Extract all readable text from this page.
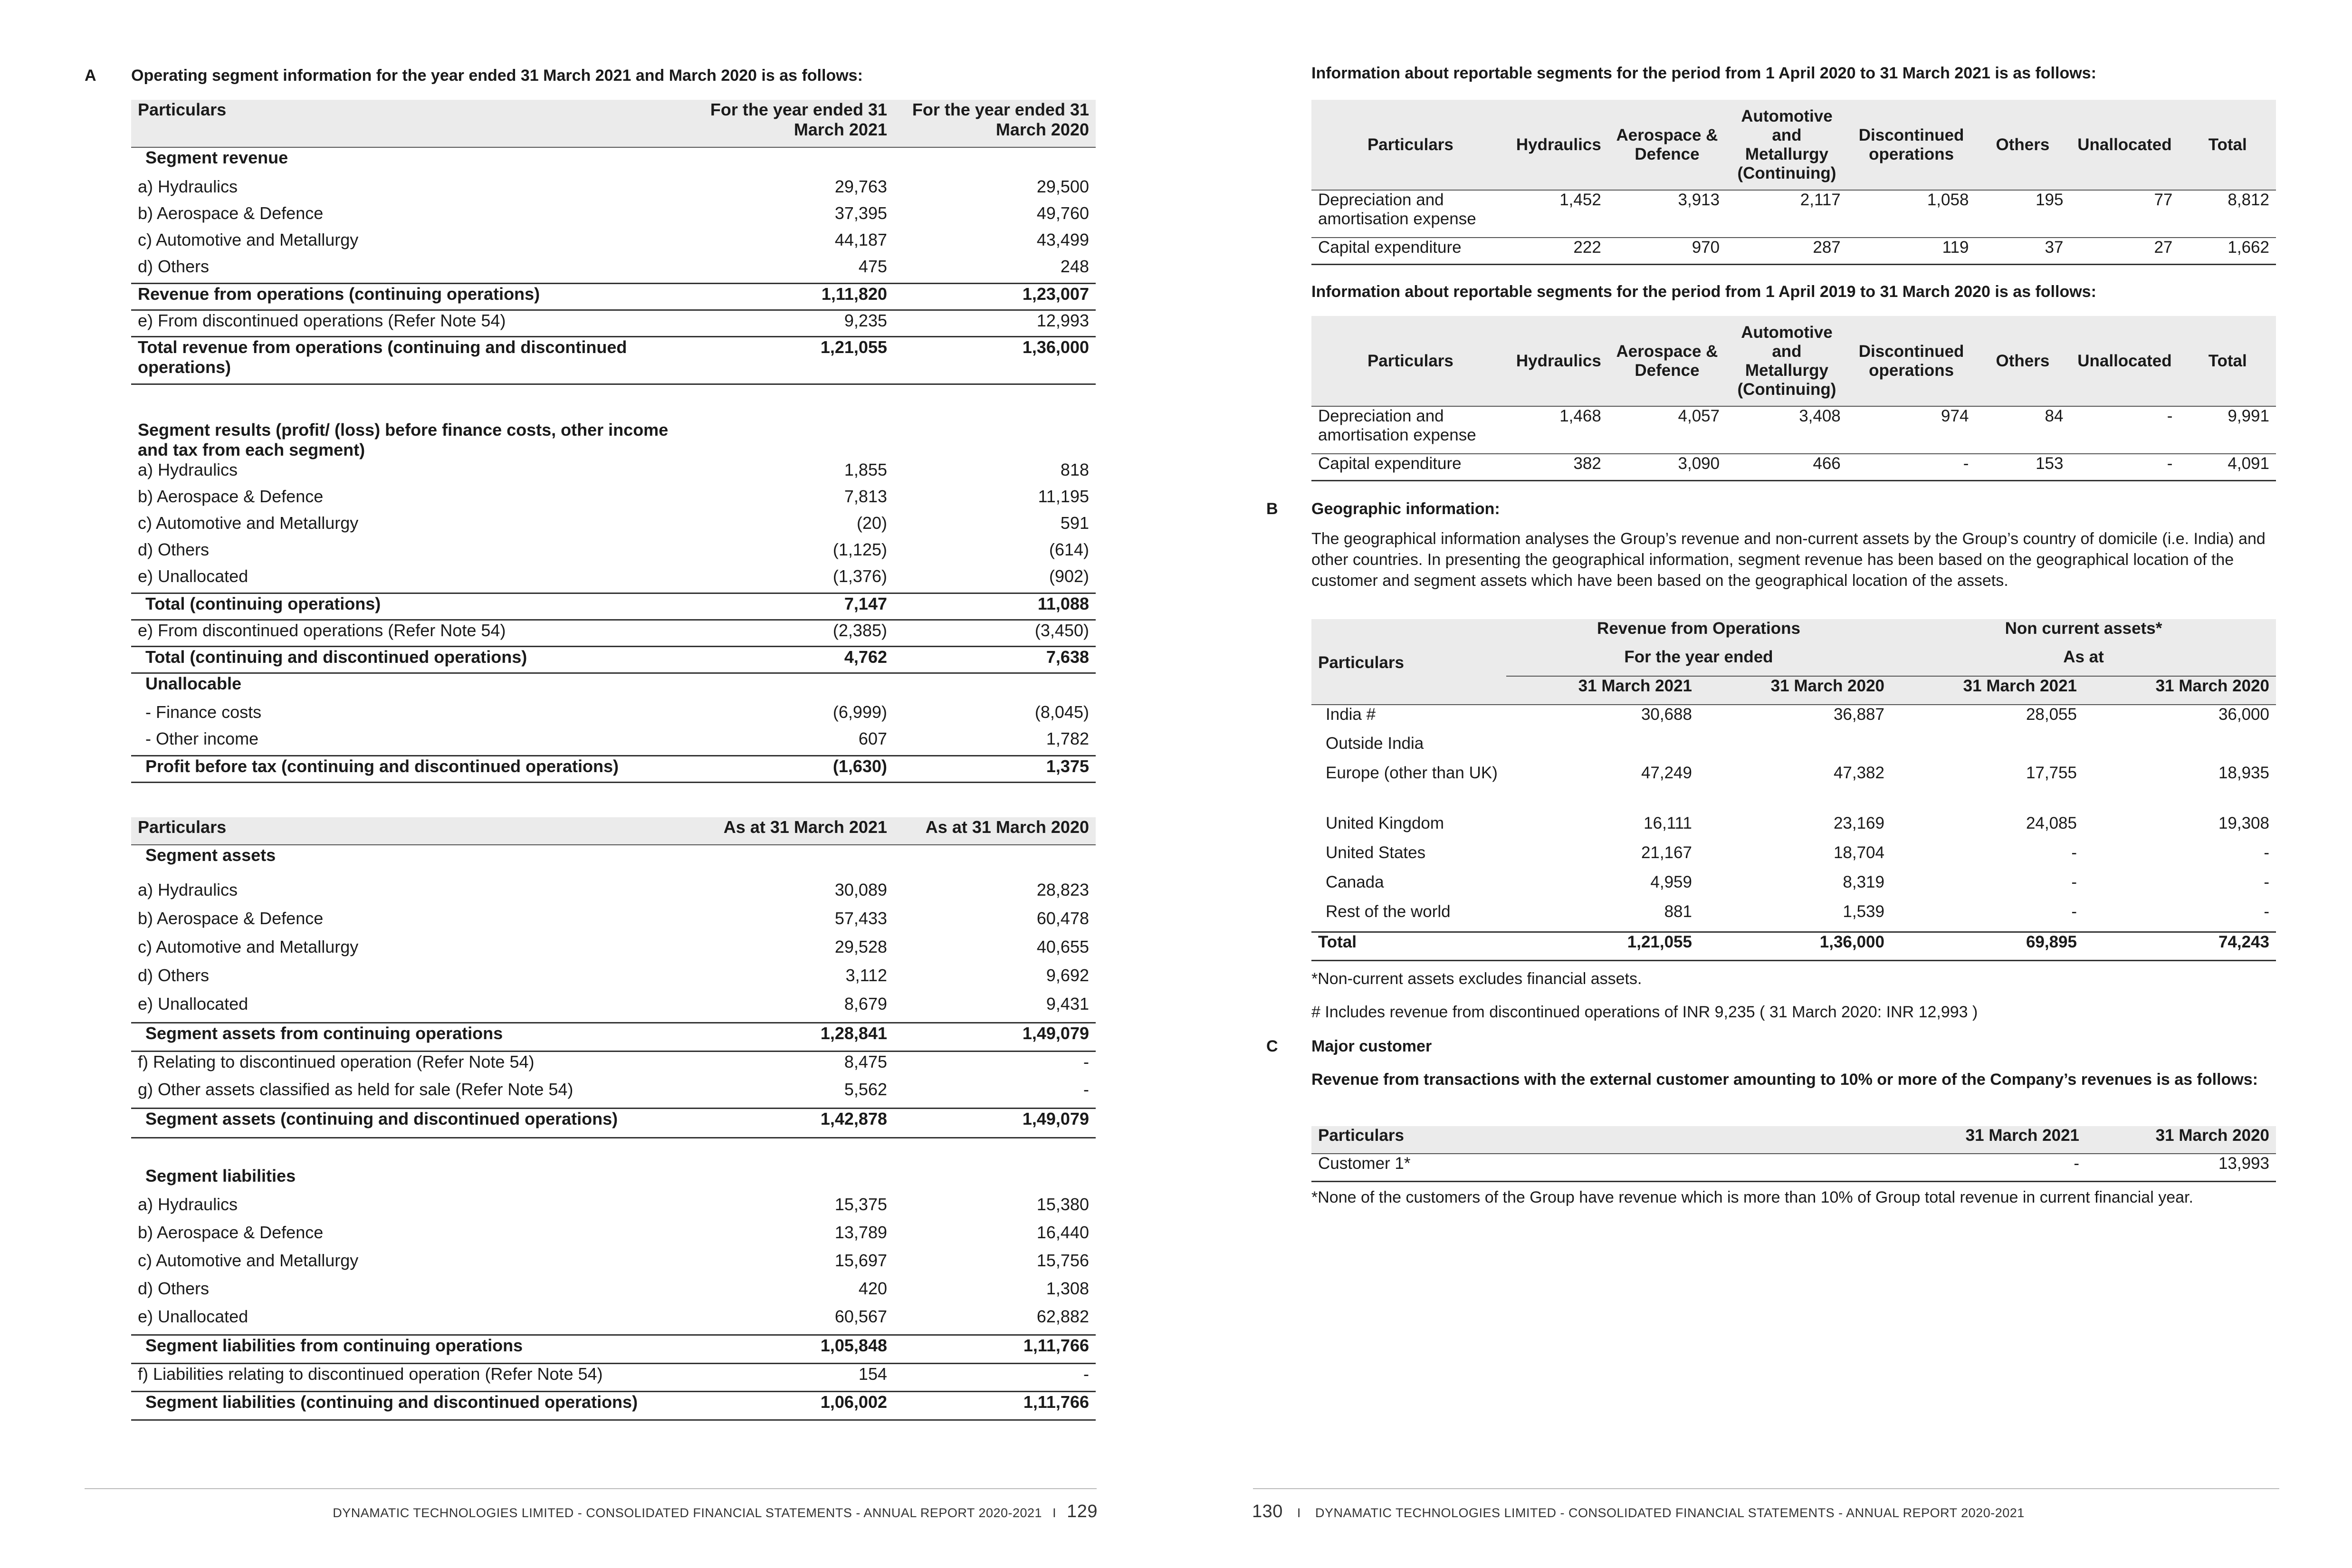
A Operating segment information for the year ended 31 March 2021 and March 2020 is as follows:
Particulars	For the year ended 31 March 2021	For the year ended 31 March 2020
Segment revenue		
a) Hydraulics	29,763	29,500
b) Aerospace & Defence	37,395	49,760
c) Automotive and Metallurgy	44,187	43,499
d) Others	475	248
Revenue from operations (continuing operations)	1,11,820	1,23,007
e) From discontinued operations (Refer Note 54)	9,235	12,993
Total revenue from operations (continuing and discontinued operations)	1,21,055	1,36,000

Segment results (profit/ (loss) before finance costs, other income and tax from each segment)		
a) Hydraulics	1,855	818
b) Aerospace & Defence	7,813	11,195
c) Automotive and Metallurgy	(20)	591
d) Others	(1,125)	(614)
e) Unallocated	(1,376)	(902)
Total (continuing operations)	7,147	11,088
e) From discontinued operations (Refer Note 54)	(2,385)	(3,450)
Total (continuing and discontinued operations)	4,762	7,638
Unallocable		
- Finance costs	(6,999)	(8,045)
- Other income	607	1,782
Profit before tax (continuing and discontinued operations)	(1,630)	1,375
Particulars	As at 31 March 2021	As at 31 March 2020
Segment assets		
a) Hydraulics	30,089	28,823
b) Aerospace & Defence	57,433	60,478
c) Automotive and Metallurgy	29,528	40,655
d) Others	3,112	9,692
e) Unallocated	8,679	9,431
Segment assets from continuing operations	1,28,841	1,49,079
f) Relating to discontinued operation (Refer Note 54)	8,475	-
g) Other assets classified as held for sale (Refer Note 54)	5,562	-
Segment assets (continuing and discontinued operations)	1,42,878	1,49,079

Segment liabilities		
a) Hydraulics	15,375	15,380
b) Aerospace & Defence	13,789	16,440
c) Automotive and Metallurgy	15,697	15,756
d) Others	420	1,308
e) Unallocated	60,567	62,882
Segment liabilities from continuing operations	1,05,848	1,11,766
f) Liabilities relating to discontinued operation (Refer Note 54)	154	-
Segment liabilities (continuing and discontinued operations)	1,06,002	1,11,766
DYNAMATIC TECHNOLOGIES LIMITED - CONSOLIDATED FINANCIAL STATEMENTS - ANNUAL REPORT 2020-2021 I 129
Information about reportable segments for the period from 1 April 2020 to 31 March 2021 is as follows:
Particulars	Hydraulics	Aerospace & Defence	Automotive and Metallurgy (Continuing)	Discontinued operations	Others	Unallocated	Total
Depreciation and amortisation expense	1,452	3,913	2,117	1,058	195	77	8,812
Capital expenditure	222	970	287	119	37	27	1,662
Information about reportable segments for the period from 1 April 2019 to 31 March 2020 is as follows:
Particulars	Hydraulics	Aerospace & Defence	Automotive and Metallurgy (Continuing)	Discontinued operations	Others	Unallocated	Total
Depreciation and amortisation expense	1,468	4,057	3,408	974	84	-	9,991
Capital expenditure	382	3,090	466	-	153	-	4,091
B Geographic information:
The geographical information analyses the Group’s revenue and non-current assets by the Group’s country of domicile (i.e. India) and other countries. In presenting the geographical information, segment revenue has been based on the geographical location of the customer and segment assets which have been based on the geographical location of the assets.
Particulars	Revenue from Operations		Non current assets*	
	For the year ended		As at	
	31 March 2021	31 March 2020	31 March 2021	31 March 2020
India #	30,688	36,887	28,055	36,000
Outside India				
Europe (other than UK)	47,249	47,382	17,755	18,935
United Kingdom	16,111	23,169	24,085	19,308
United States	21,167	18,704	-	-
Canada	4,959	8,319	-	-
Rest of the world	881	1,539	-	-
Total	1,21,055	1,36,000	69,895	74,243
*Non-current assets excludes financial assets.
# Includes revenue from discontinued operations of INR 9,235 ( 31 March 2020: INR 12,993 )
C Major customer
Revenue from transactions with the external customer amounting to 10% or more of the Company’s revenues is as follows:
Particulars	31 March 2021	31 March 2020
Customer 1*	-	13,993
*None of the customers of the Group have revenue which is more than 10% of Group total revenue in current financial year.
130 I DYNAMATIC TECHNOLOGIES LIMITED - CONSOLIDATED FINANCIAL STATEMENTS - ANNUAL REPORT 2020-2021
